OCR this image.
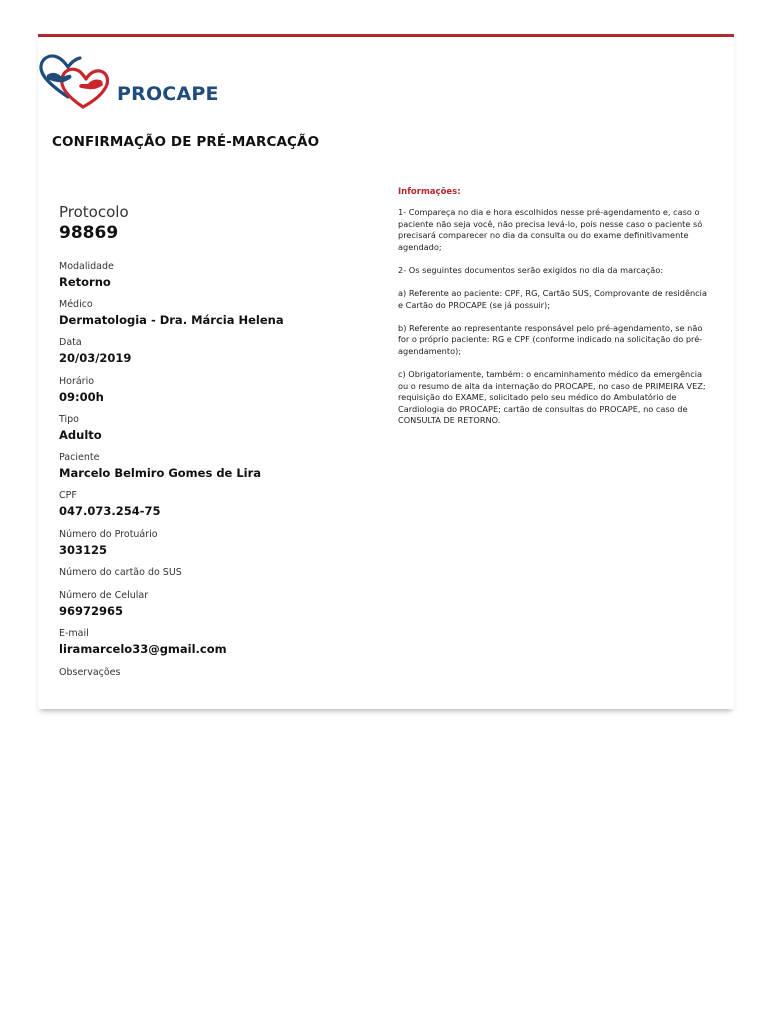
PROCAPE
CONFIRMAÇÃO DE PRÉ-MARCAÇÃO
Protocolo
98869
Modalidade
Retorno
Médico
Dermatologia - Dra. Márcia Helena
Data
20/03/2019
Horário
09:00h
Tipo
Adulto
Paciente
Marcelo Belmiro Gomes de Lira
CPF
047.073.254-75
Número do Protuário
303125
Número do cartão do SUS
Número de Celular
96972965
E-mail
liramarcelo33@gmail.com
Observações
Informações:

1- Compareça no dia e hora escolhidos nesse pré-agendamento e, caso o paciente não seja você, não precisa levá-lo, pois nesse caso o paciente só precisará comparecer no dia da consulta ou do exame definitivamente agendado;

2- Os seguintes documentos serão exigidos no dia da marcação:

a) Referente ao paciente: CPF, RG, Cartão SUS, Comprovante de residência e Cartão do PROCAPE (se já possuir);

b) Referente ao representante responsável pelo pré-agendamento, se não for o próprio paciente: RG e CPF (conforme indicado na solicitação do pré-agendamento);

c) Obrigatoriamente, também: o encaminhamento médico da emergência ou o resumo de alta da internação do PROCAPE, no caso de PRIMEIRA VEZ; requisição do EXAME, solicitado pelo seu médico do Ambulatório de Cardiologia do PROCAPE; cartão de consultas do PROCAPE, no caso de CONSULTA DE RETORNO.
